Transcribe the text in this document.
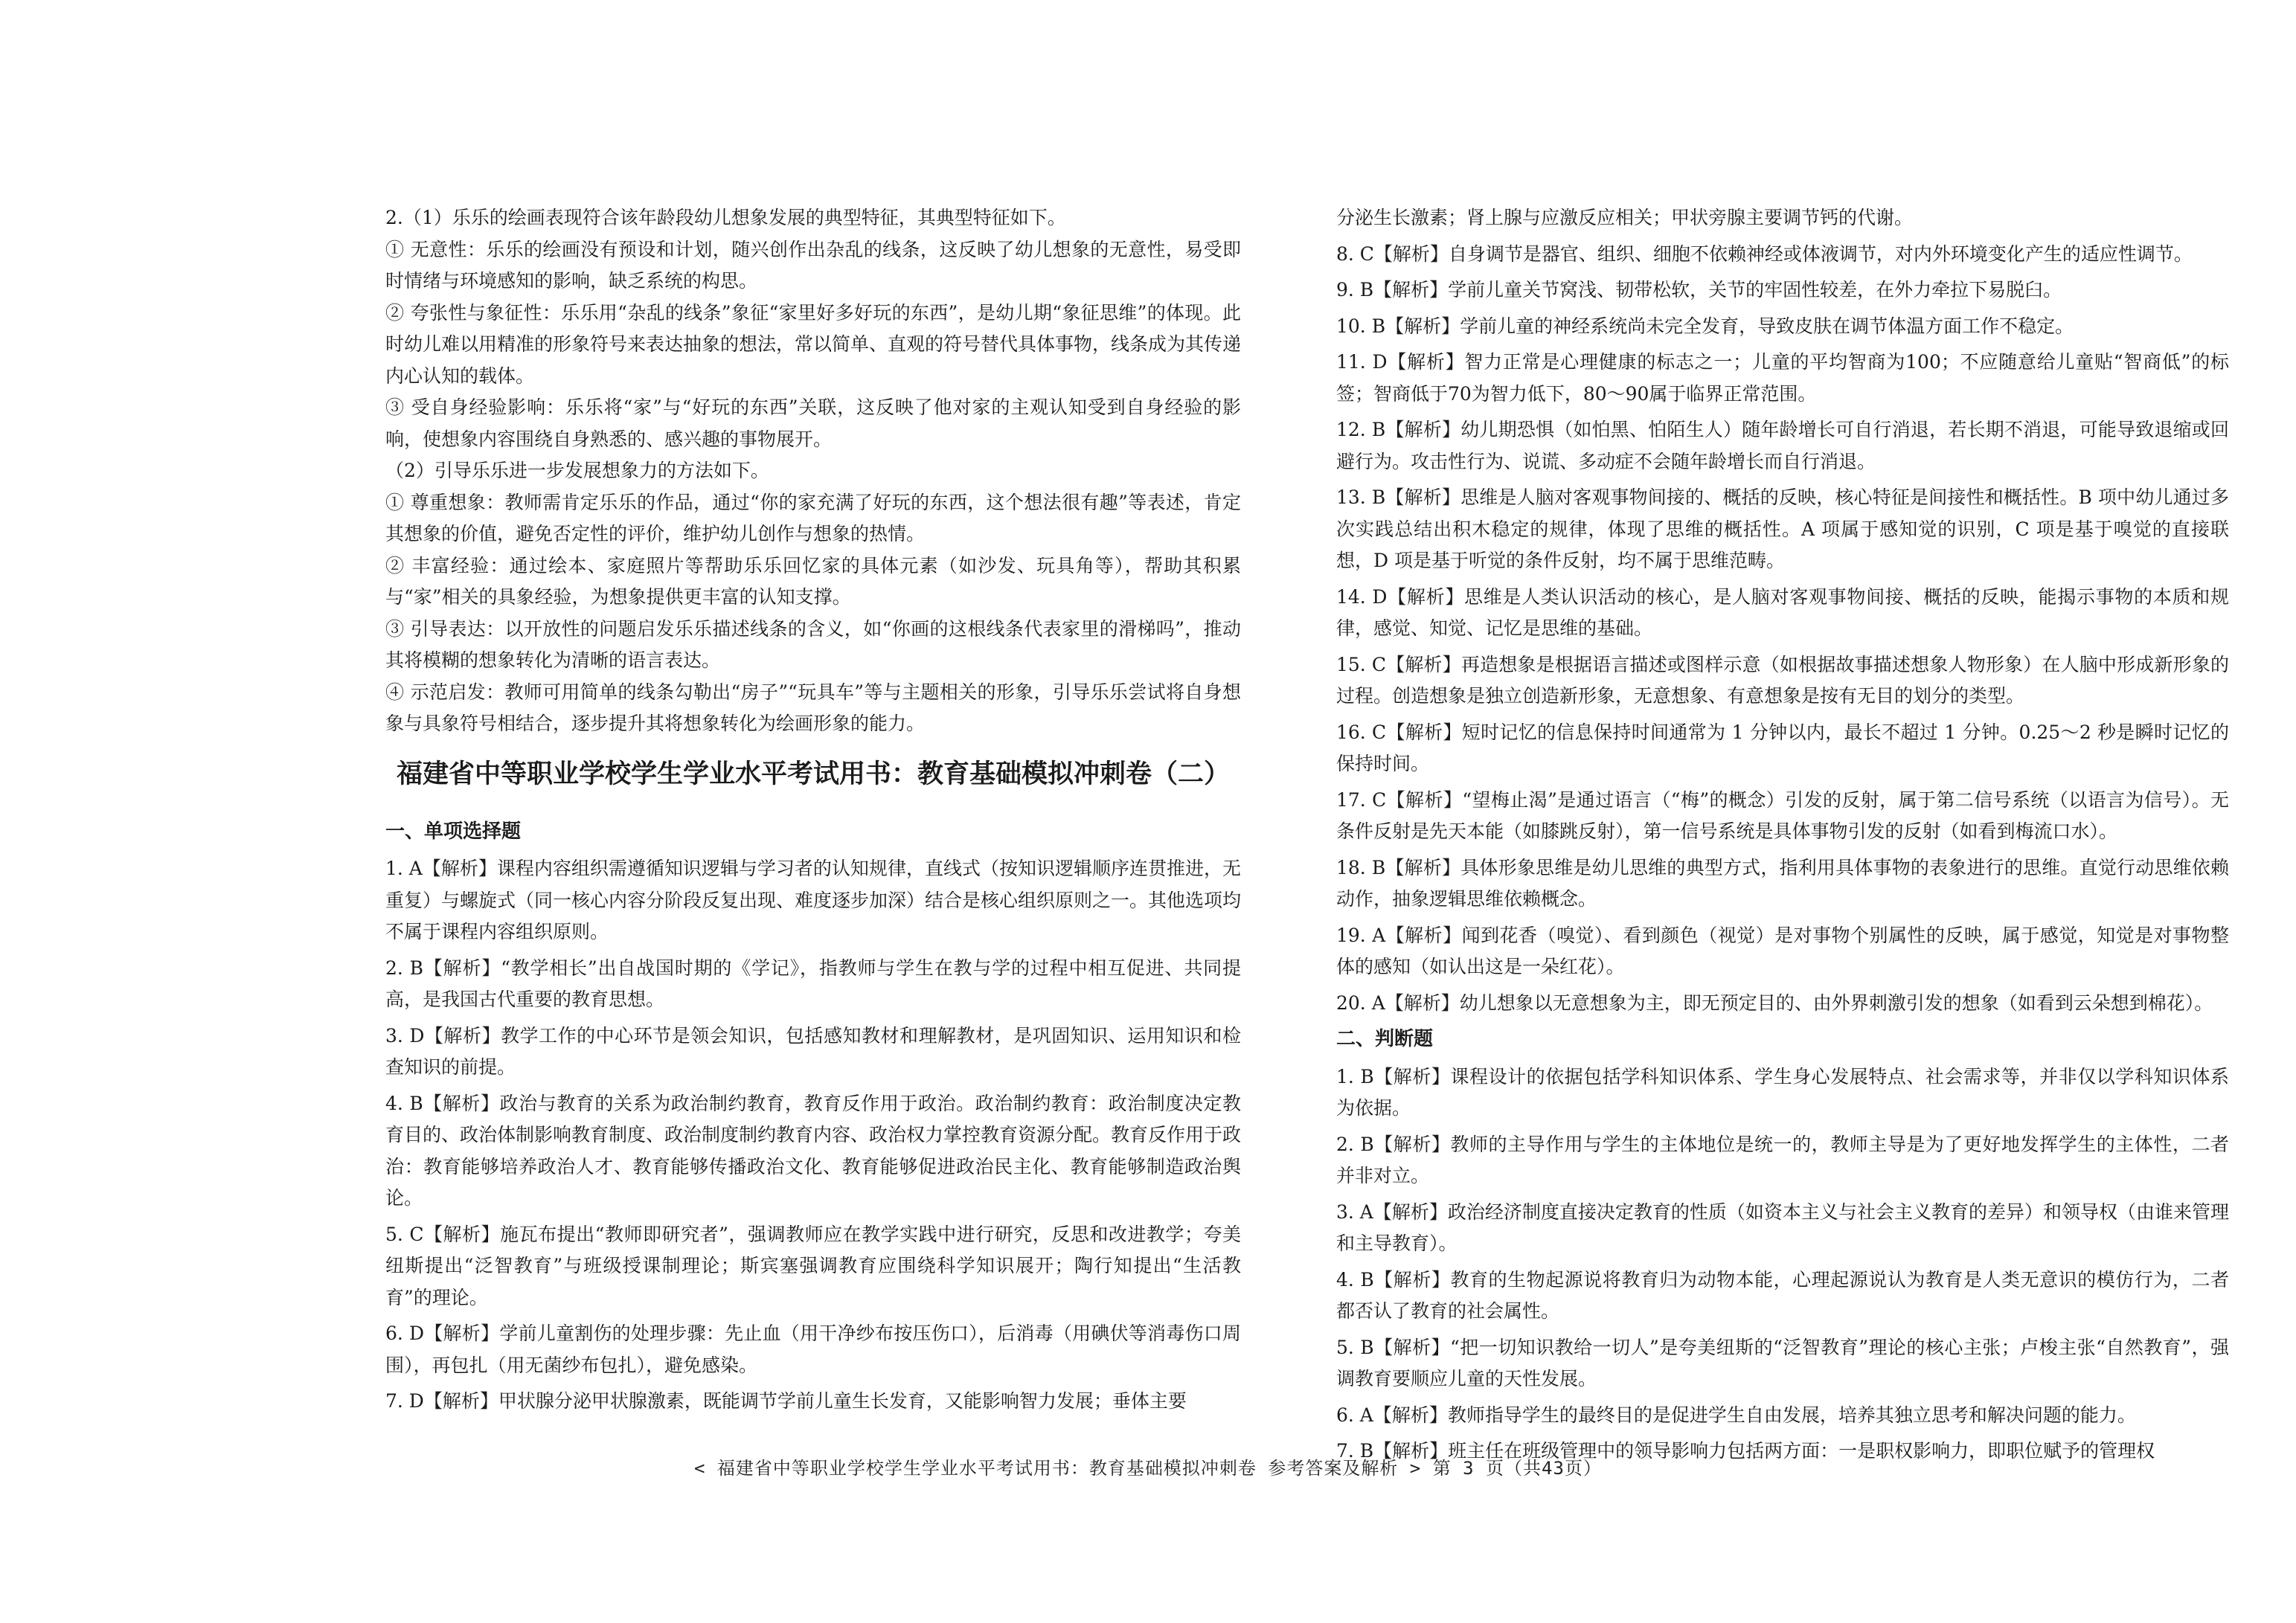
2.（1）乐乐的绘画表现符合该年龄段幼儿想象发展的典型特征，其典型特征如下。

① 无意性：乐乐的绘画没有预设和计划，随兴创作出杂乱的线条，这反映了幼儿想象的无意性，易受即时情绪与环境感知的影响，缺乏系统的构思。

② 夸张性与象征性：乐乐用“杂乱的线条”象征“家里好多好玩的东西”，是幼儿期“象征思维”的体现。此时幼儿难以用精准的形象符号来表达抽象的想法，常以简单、直观的符号替代具体事物，线条成为其传递内心认知的载体。

③ 受自身经验影响：乐乐将“家”与“好玩的东西”关联，这反映了他对家的主观认知受到自身经验的影响，使想象内容围绕自身熟悉的、感兴趣的事物展开。

（2）引导乐乐进一步发展想象力的方法如下。

① 尊重想象：教师需肯定乐乐的作品，通过“你的家充满了好玩的东西，这个想法很有趣”等表述，肯定其想象的价值，避免否定性的评价，维护幼儿创作与想象的热情。

② 丰富经验：通过绘本、家庭照片等帮助乐乐回忆家的具体元素（如沙发、玩具角等），帮助其积累与“家”相关的具象经验，为想象提供更丰富的认知支撑。

③ 引导表达：以开放性的问题启发乐乐描述线条的含义，如“你画的这根线条代表家里的滑梯吗”，推动其将模糊的想象转化为清晰的语言表达。

④ 示范启发：教师可用简单的线条勾勒出“房子”“玩具车”等与主题相关的形象，引导乐乐尝试将自身想象与具象符号相结合，逐步提升其将想象转化为绘画形象的能力。

福建省中等职业学校学生学业水平考试用书：教育基础模拟冲刺卷（二）
一、单项选择题

1. A【解析】课程内容组织需遵循知识逻辑与学习者的认知规律，直线式（按知识逻辑顺序连贯推进，无重复）与螺旋式（同一核心内容分阶段反复出现、难度逐步加深）结合是核心组织原则之一。其他选项均不属于课程内容组织原则。

2. B【解析】“教学相长”出自战国时期的《学记》，指教师与学生在教与学的过程中相互促进、共同提高，是我国古代重要的教育思想。

3. D【解析】教学工作的中心环节是领会知识，包括感知教材和理解教材，是巩固知识、运用知识和检查知识的前提。

4. B【解析】政治与教育的关系为政治制约教育，教育反作用于政治。政治制约教育：政治制度决定教育目的、政治体制影响教育制度、政治制度制约教育内容、政治权力掌控教育资源分配。教育反作用于政治：教育能够培养政治人才、教育能够传播政治文化、教育能够促进政治民主化、教育能够制造政治舆论。

5. C【解析】施瓦布提出“教师即研究者”，强调教师应在教学实践中进行研究，反思和改进教学；夸美纽斯提出“泛智教育”与班级授课制理论；斯宾塞强调教育应围绕科学知识展开；陶行知提出“生活教育”的理论。

6. D【解析】学前儿童割伤的处理步骤：先止血（用干净纱布按压伤口），后消毒（用碘伏等消毒伤口周围），再包扎（用无菌纱布包扎），避免感染。

7. D【解析】甲状腺分泌甲状腺激素，既能调节学前儿童生长发育，又能影响智力发展；垂体主要

分泌生长激素；肾上腺与应激反应相关；甲状旁腺主要调节钙的代谢。

8. C【解析】自身调节是器官、组织、细胞不依赖神经或体液调节，对内外环境变化产生的适应性调节。

9. B【解析】学前儿童关节窝浅、韧带松软，关节的牢固性较差，在外力牵拉下易脱臼。

10. B【解析】学前儿童的神经系统尚未完全发育，导致皮肤在调节体温方面工作不稳定。

11. D【解析】智力正常是心理健康的标志之一；儿童的平均智商为100；不应随意给儿童贴“智商低”的标签；智商低于70为智力低下，80～90属于临界正常范围。

12. B【解析】幼儿期恐惧（如怕黑、怕陌生人）随年龄增长可自行消退，若长期不消退，可能导致退缩或回避行为。攻击性行为、说谎、多动症不会随年龄增长而自行消退。

13. B【解析】思维是人脑对客观事物间接的、概括的反映，核心特征是间接性和概括性。B 项中幼儿通过多次实践总结出积木稳定的规律，体现了思维的概括性。A 项属于感知觉的识别，C 项是基于嗅觉的直接联想，D 项是基于听觉的条件反射，均不属于思维范畴。

14. D【解析】思维是人类认识活动的核心，是人脑对客观事物间接、概括的反映，能揭示事物的本质和规律，感觉、知觉、记忆是思维的基础。

15. C【解析】再造想象是根据语言描述或图样示意（如根据故事描述想象人物形象）在人脑中形成新形象的过程。创造想象是独立创造新形象，无意想象、有意想象是按有无目的划分的类型。

16. C【解析】短时记忆的信息保持时间通常为 1 分钟以内，最长不超过 1 分钟。0.25～2 秒是瞬时记忆的保持时间。

17. C【解析】“望梅止渴”是通过语言（“梅”的概念）引发的反射，属于第二信号系统（以语言为信号）。无条件反射是先天本能（如膝跳反射），第一信号系统是具体事物引发的反射（如看到梅流口水）。

18. B【解析】具体形象思维是幼儿思维的典型方式，指利用具体事物的表象进行的思维。直觉行动思维依赖动作，抽象逻辑思维依赖概念。

19. A【解析】闻到花香（嗅觉）、看到颜色（视觉）是对事物个别属性的反映，属于感觉，知觉是对事物整体的感知（如认出这是一朵红花）。

20. A【解析】幼儿想象以无意想象为主，即无预定目的、由外界刺激引发的想象（如看到云朵想到棉花）。

二、判断题

1. B【解析】课程设计的依据包括学科知识体系、学生身心发展特点、社会需求等，并非仅以学科知识体系为依据。

2. B【解析】教师的主导作用与学生的主体地位是统一的，教师主导是为了更好地发挥学生的主体性，二者并非对立。

3. A【解析】政治经济制度直接决定教育的性质（如资本主义与社会主义教育的差异）和领导权（由谁来管理和主导教育）。

4. B【解析】教育的生物起源说将教育归为动物本能，心理起源说认为教育是人类无意识的模仿行为，二者都否认了教育的社会属性。

5. B【解析】“把一切知识教给一切人”是夸美纽斯的“泛智教育”理论的核心主张；卢梭主张“自然教育”，强调教育要顺应儿童的天性发展。

6. A【解析】教师指导学生的最终目的是促进学生自由发展，培养其独立思考和解决问题的能力。

7. B【解析】班主任在班级管理中的领导影响力包括两方面：一是职权影响力，即职位赋予的管理权

< 福建省中等职业学校学生学业水平考试用书：教育基础模拟冲刺卷 参考答案及解析 > 第 3 页（共43页）
